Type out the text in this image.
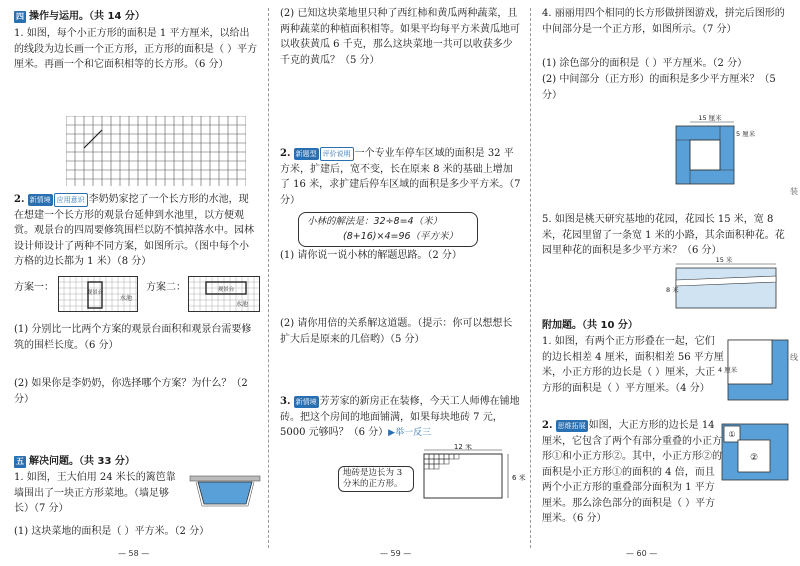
四 操作与运用。（共 14 分）
1. 如图，每个小正方形的面积是 1 平方厘米，以给出的线段为边长画一个正方形，正方形的面积是（ ）平方厘米。再画一个和它面积相等的长方形。（6 分）
2. 新情境 应用意识 李奶奶家挖了一个长方形的水池，现在想建一个长方形的观景台延伸到水池里，以方便观赏。观景台的四周要修筑围栏以防不慎掉落水中。园林设计师设计了两种不同方案，如图所示。（图中每个小方格的边长都为 1 米）（8 分）
方案一：	观景台
水池
方案二：	观景台
水池
(1) 分别比一比两个方案的观景台面积和观景台需要修筑的围栏长度。（6 分）
(2) 如果你是李奶奶，你选择哪个方案？为什么？（2 分）
五 解决问题。（共 33 分）
1. 如图，王大伯用 24 米长的篱笆靠墙围出了一块正方形菜地。（墙足够长）（7 分）
(1) 这块菜地的面积是（ ）平方米。（2 分）
— 58 —
(2) 已知这块菜地里只种了西红柿和黄瓜两种蔬菜，且两种蔬菜的种植面积相等。如果平均每平方米黄瓜地可以收获黄瓜 6 千克，那么这块菜地一共可以收获多少千克的黄瓜？（5 分）
2. 新题型 评价说明 一个专业车停车区域的面积是 32 平方米，扩建后，宽不变，长在原来 8 米的基础上增加了 16 米，求扩建后停车区域的面积是多少平方米。（7 分）
小林的解法是：32÷8=4（米）
(8+16)×4=96（平方米）
(1) 请你说一说小林的解题思路。（2 分）
(2) 请你用倍的关系解这道题。（提示：你可以想想长扩大后是原来的几倍哟）（5 分）
3. 新情境 芳芳家的新房正在装修，今天工人师傅在铺地砖。把这个房间的地面铺满，如果每块地砖 7 元，5000 元够吗？（6 分）▶举一反三
地砖是边长为 3 分米的正方形。
12 米
6 米
— 59 —
4. 丽丽用四个相同的长方形做拼图游戏，拼完后图形的中间部分是一个正方形，如图所示。（7 分）
(1) 涂色部分的面积是（ ）平方厘米。（2 分）
(2) 中间部分（正方形）的面积是多少平方厘米？（5 分）
15 厘米
5 厘米
5. 如图是桃天研究基地的花园，花园长 15 米，宽 8 米，花园里留了一条宽 1 米的小路，其余面积种花。花园里种花的面积是多少平方米？（6 分）
15 米
8 米
附加题。（共 10 分）
1. 如图，有两个正方形叠在一起，它们的边长相差 4 厘米，面积相差 56 平方厘米，小正方形的边长是（ ）厘米，大正方形的面积是（ ）平方厘米。（4 分）
4 厘米
2. 思维拓展 如图，大正方形的边长是 14 厘米，它包含了两个有部分重叠的小正方形①和小正方形②。其中，小正方形②的面积是小正方形①的面积的 4 倍，而且两个小正方形的重叠部分面积为 1 平方厘米。那么涂色部分的面积是（ ）平方厘米。（6 分）
①
②
装
线
— 60 —
